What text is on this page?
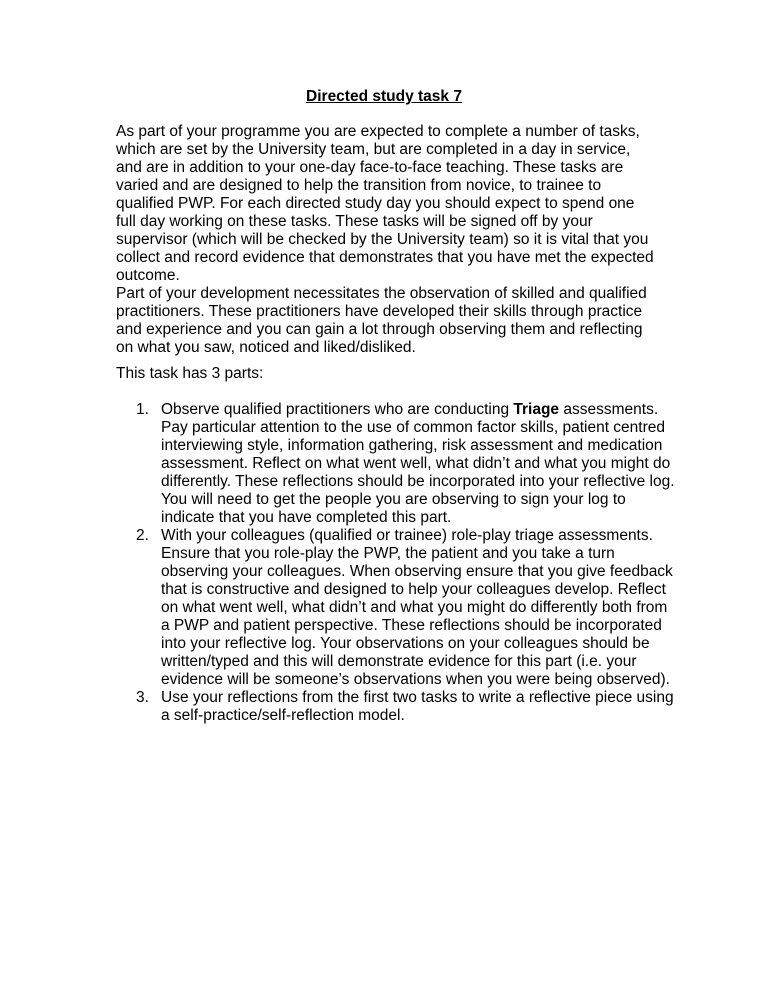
Directed study task 7

As part of your programme you are expected to complete a number of tasks, which are set by the University team, but are completed in a day in service, and are in addition to your one-day face-to-face teaching. These tasks are varied and are designed to help the transition from novice, to trainee to qualified PWP. For each directed study day you should expect to spend one full day working on these tasks. These tasks will be signed off by your supervisor (which will be checked by the University team) so it is vital that you collect and record evidence that demonstrates that you have met the expected outcome.

Part of your development necessitates the observation of skilled and qualified practitioners. These practitioners have developed their skills through practice and experience and you can gain a lot through observing them and reflecting on what you saw, noticed and liked/disliked.

This task has 3 parts:

1. Observe qualified practitioners who are conducting Triage assessments. Pay particular attention to the use of common factor skills, patient centred interviewing style, information gathering, risk assessment and medication assessment. Reflect on what went well, what didn’t and what you might do differently. These reflections should be incorporated into your reflective log. You will need to get the people you are observing to sign your log to indicate that you have completed this part.
2. With your colleagues (qualified or trainee) role-play triage assessments. Ensure that you role-play the PWP, the patient and you take a turn observing your colleagues. When observing ensure that you give feedback that is constructive and designed to help your colleagues develop. Reflect on what went well, what didn’t and what you might do differently both from a PWP and patient perspective. These reflections should be incorporated into your reflective log. Your observations on your colleagues should be written/typed and this will demonstrate evidence for this part (i.e. your evidence will be someone’s observations when you were being observed).
3. Use your reflections from the first two tasks to write a reflective piece using a self-practice/self-reflection model.
